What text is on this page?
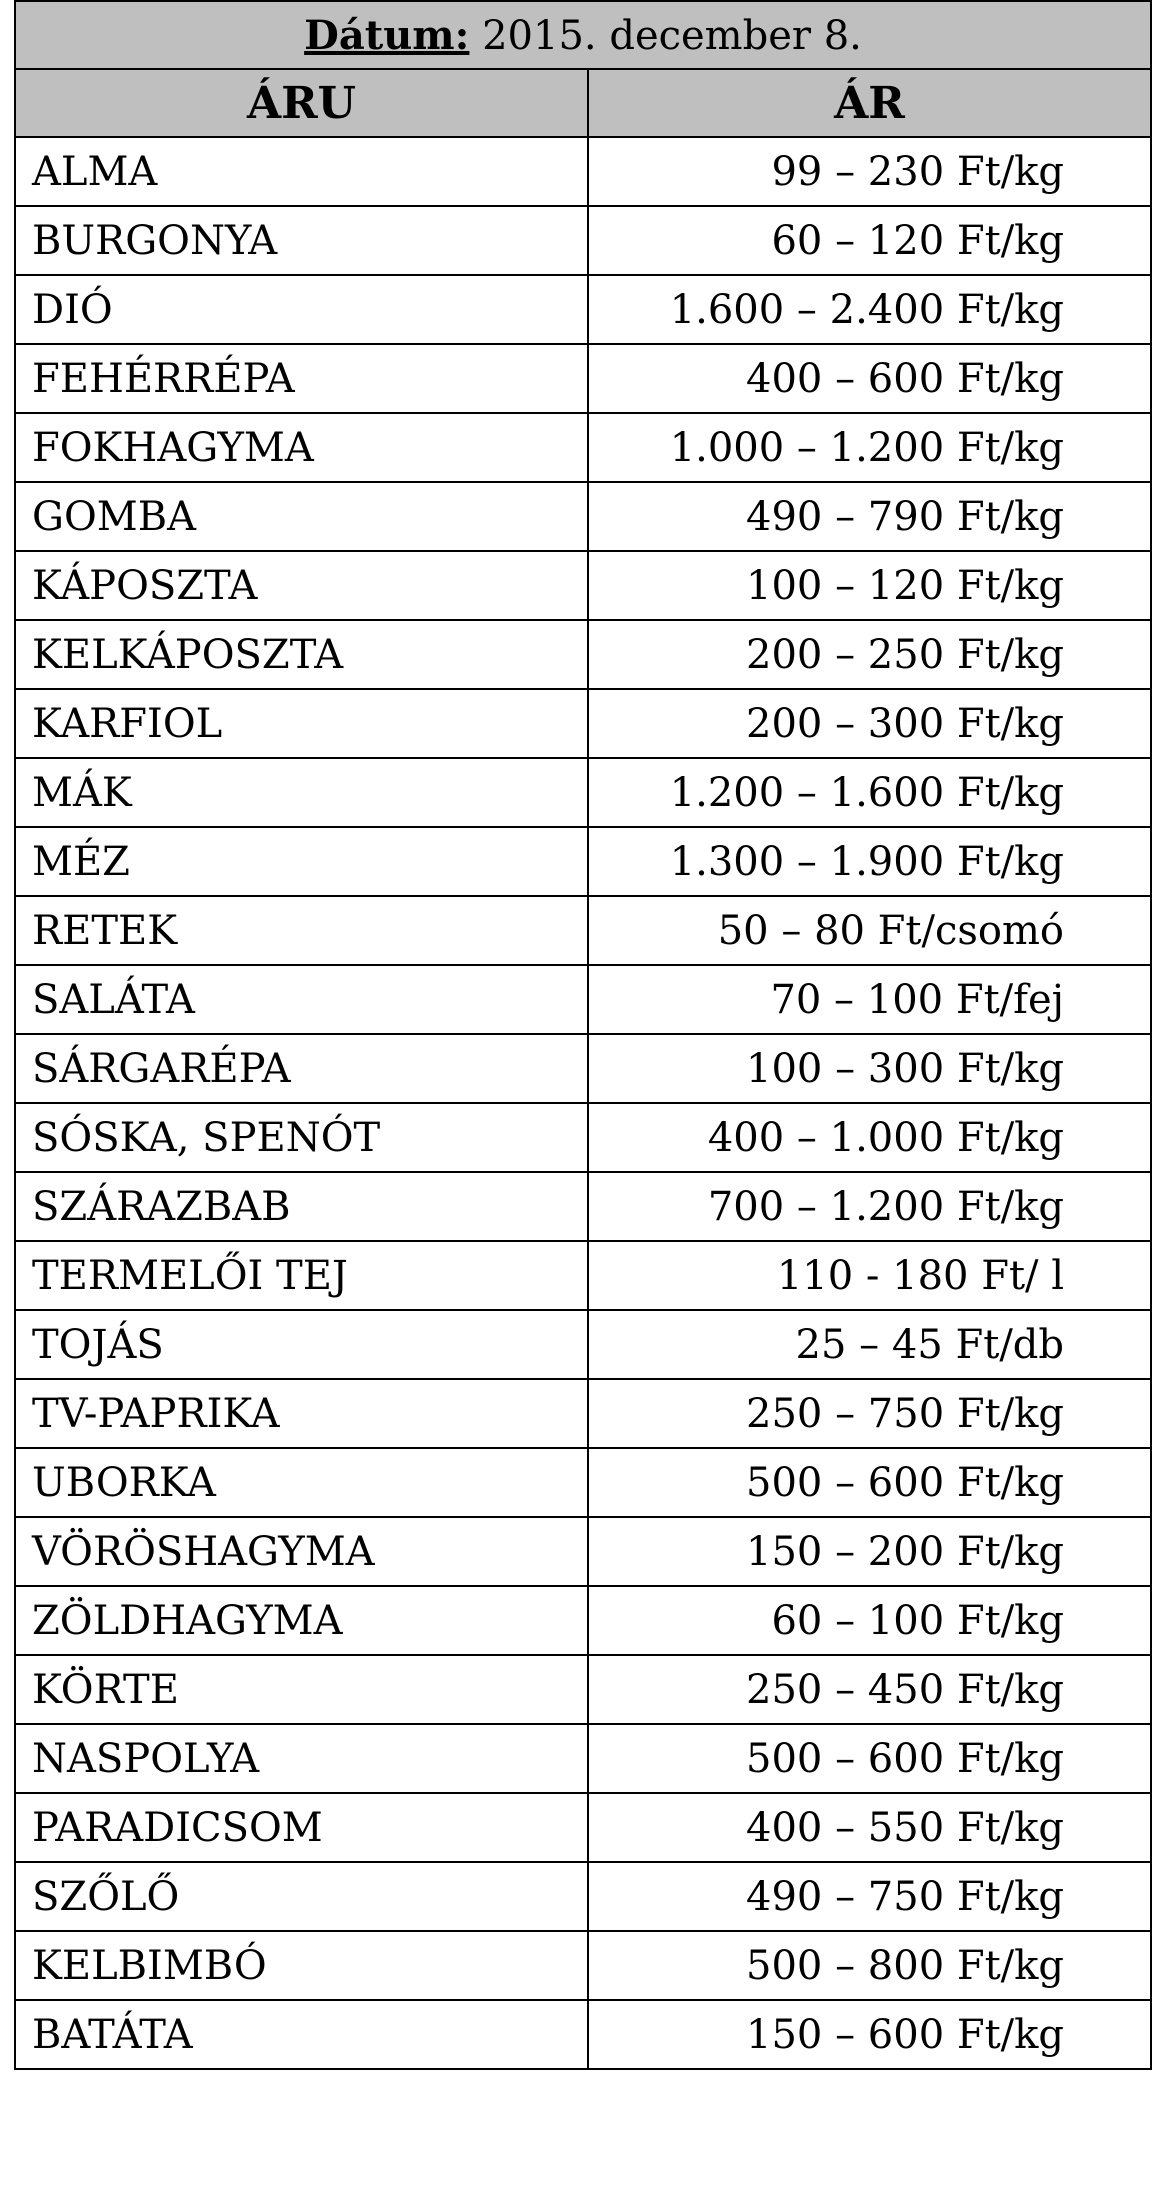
Dátum: 2015. december 8.	
ÁRU	ÁR
ALMA	99 – 230 Ft/kg
BURGONYA	60 – 120 Ft/kg
DIÓ	1.600 – 2.400 Ft/kg
FEHÉRRÉPA	400 – 600 Ft/kg
FOKHAGYMA	1.000 – 1.200 Ft/kg
GOMBA	490 – 790 Ft/kg
KÁPOSZTA	100 – 120 Ft/kg
KELKÁPOSZTA	200 – 250 Ft/kg
KARFIOL	200 – 300 Ft/kg
MÁK	1.200 – 1.600 Ft/kg
MÉZ	1.300 – 1.900 Ft/kg
RETEK	50 – 80 Ft/csomó
SALÁTA	70 – 100 Ft/fej
SÁRGARÉPA	100 – 300 Ft/kg
SÓSKA, SPENÓT	400 – 1.000 Ft/kg
SZÁRAZBAB	700 – 1.200 Ft/kg
TERMELŐI TEJ	110 - 180 Ft/ l
TOJÁS	25 – 45 Ft/db
TV-PAPRIKA	250 – 750 Ft/kg
UBORKA	500 – 600 Ft/kg
VÖRÖSHAGYMA	150 – 200 Ft/kg
ZÖLDHAGYMA	60 – 100 Ft/kg
KÖRTE	250 – 450 Ft/kg
NASPOLYA	500 – 600 Ft/kg
PARADICSOM	400 – 550 Ft/kg
SZŐLŐ	490 – 750 Ft/kg
KELBIMBÓ	500 – 800 Ft/kg
BATÁTA	150 – 600 Ft/kg
